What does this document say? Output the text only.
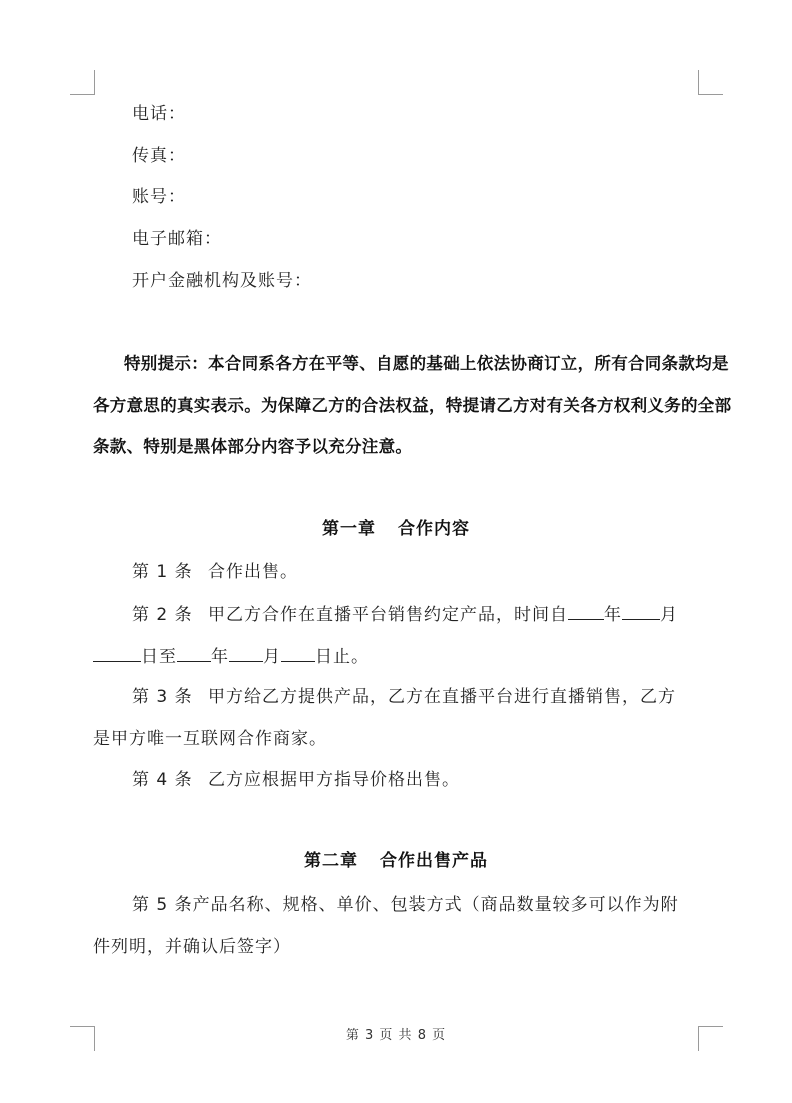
电话：
传真：
账号：
电子邮箱：
开户金融机构及账号：
特别提示：本合同系各方在平等、自愿的基础上依法协商订立，所有合同条款均是
各方意思的真实表示。为保障乙方的合法权益，特提请乙方对有关各方权利义务的全部
条款、特别是黑体部分内容予以充分注意。
第一章 合作内容
第 1 条 合作出售。
第 2 条 甲乙方合作在直播平台销售约定产品，时间自 年 月
日至 年 月 日止。
第 3 条 甲方给乙方提供产品，乙方在直播平台进行直播销售，乙方
是甲方唯一互联网合作商家。
第 4 条 乙方应根据甲方指导价格出售。
第二章 合作出售产品
第 5 条产品名称、规格、单价、包装方式（商品数量较多可以作为附
件列明，并确认后签字）
第 3 页 共 8 页
